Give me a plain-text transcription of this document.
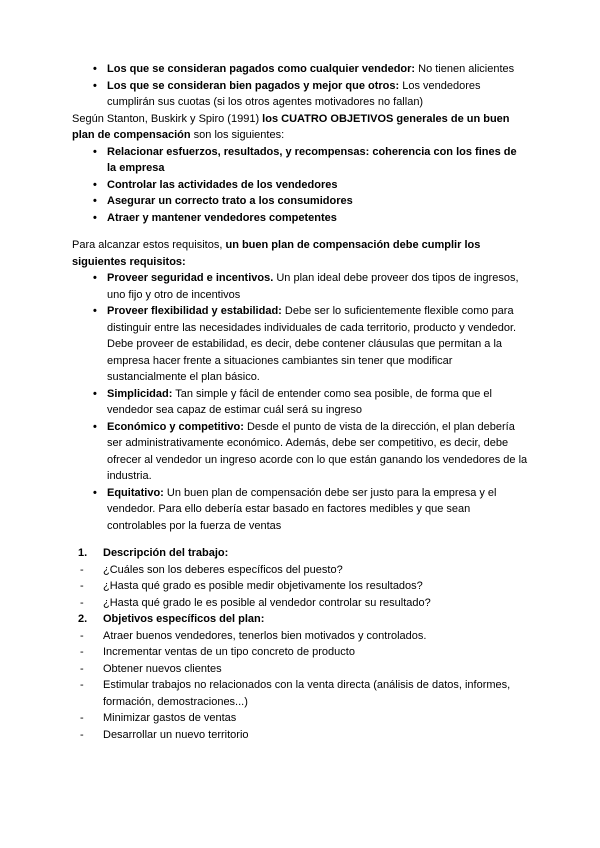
• Los que se consideran pagados como cualquier vendedor: No tienen alicientes
• Los que se consideran bien pagados y mejor que otros: Los vendedores cumplirán sus cuotas (si los otros agentes motivadores no fallan)

Según Stanton, Buskirk y Spiro (1991) los CUATRO OBJETIVOS generales de un buen plan de compensación son los siguientes:

• Relacionar esfuerzos, resultados, y recompensas: coherencia con los fines de la empresa
• Controlar las actividades de los vendedores
• Asegurar un correcto trato a los consumidores
• Atraer y mantener vendedores competentes

Para alcanzar estos requisitos, un buen plan de compensación debe cumplir los siguientes requisitos:

• Proveer seguridad e incentivos. Un plan ideal debe proveer dos tipos de ingresos, uno fijo y otro de incentivos
• Proveer flexibilidad y estabilidad: Debe ser lo suficientemente flexible como para distinguir entre las necesidades individuales de cada territorio, producto y vendedor.
Debe proveer de estabilidad, es decir, debe contener cláusulas que permitan a la empresa hacer frente a situaciones cambiantes sin tener que modificar sustancialmente el plan básico.
• Simplicidad: Tan simple y fácil de entender como sea posible, de forma que el vendedor sea capaz de estimar cuál será su ingreso
• Económico y competitivo: Desde el punto de vista de la dirección, el plan debería ser administrativamente económico. Además, debe ser competitivo, es decir, debe ofrecer al vendedor un ingreso acorde con lo que están ganando los vendedores de la industria.
• Equitativo: Un buen plan de compensación debe ser justo para la empresa y el vendedor. Para ello debería estar basado en factores medibles y que sean controlables por la fuerza de ventas
1. Descripción del trabajo:
- ¿Cuáles son los deberes específicos del puesto?
- ¿Hasta qué grado es posible medir objetivamente los resultados?
- ¿Hasta qué grado le es posible al vendedor controlar su resultado?
2. Objetivos específicos del plan:
- Atraer buenos vendedores, tenerlos bien motivados y controlados.
- Incrementar ventas de un tipo concreto de producto
- Obtener nuevos clientes
- Estimular trabajos no relacionados con la venta directa (análisis de datos, informes, formación, demostraciones...)
- Minimizar gastos de ventas
- Desarrollar un nuevo territorio
